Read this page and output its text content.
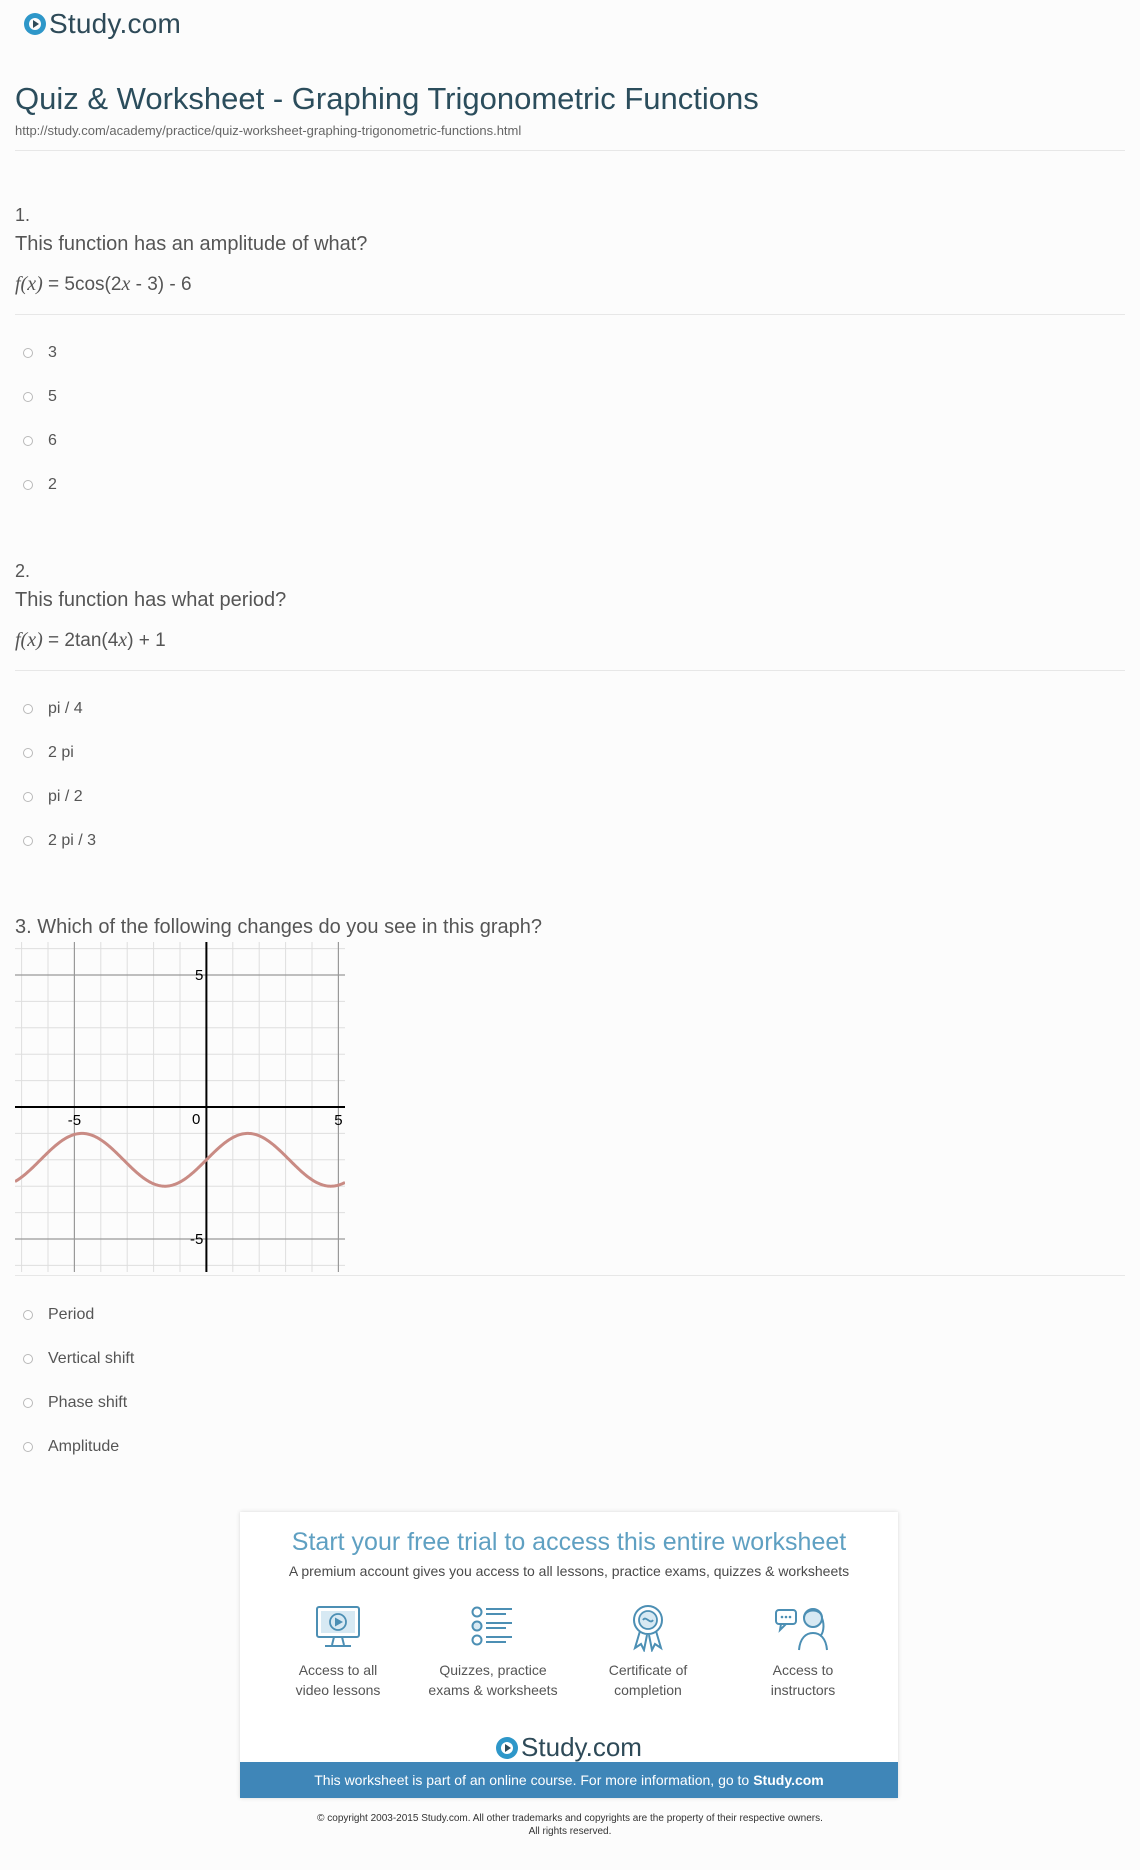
Study.com
Quiz & Worksheet - Graphing Trigonometric Functions
http://study.com/academy/practice/quiz-worksheet-graphing-trigonometric-functions.html
1.
This function has an amplitude of what?
f(x) = 5cos(2x - 3) - 6
3
5
6
2
2.
This function has what period?
f(x) = 2tan(4x) + 1
pi / 4
2 pi
pi / 2
2 pi / 3
3. Which of the following changes do you see in this graph?
-5	0	5
5
-5
Period
Vertical shift
Phase shift
Amplitude
Start your free trial to access this entire worksheet
A premium account gives you access to all lessons, practice exams, quizzes & worksheets
Access to all
video lessons
Quizzes, practice
exams & worksheets
Certificate of
completion
Access to
instructors
Study.com
This worksheet is part of an online course. For more information, go to Study.com
© copyright 2003-2015 Study.com. All other trademarks and copyrights are the property of their respective owners.
All rights reserved.
